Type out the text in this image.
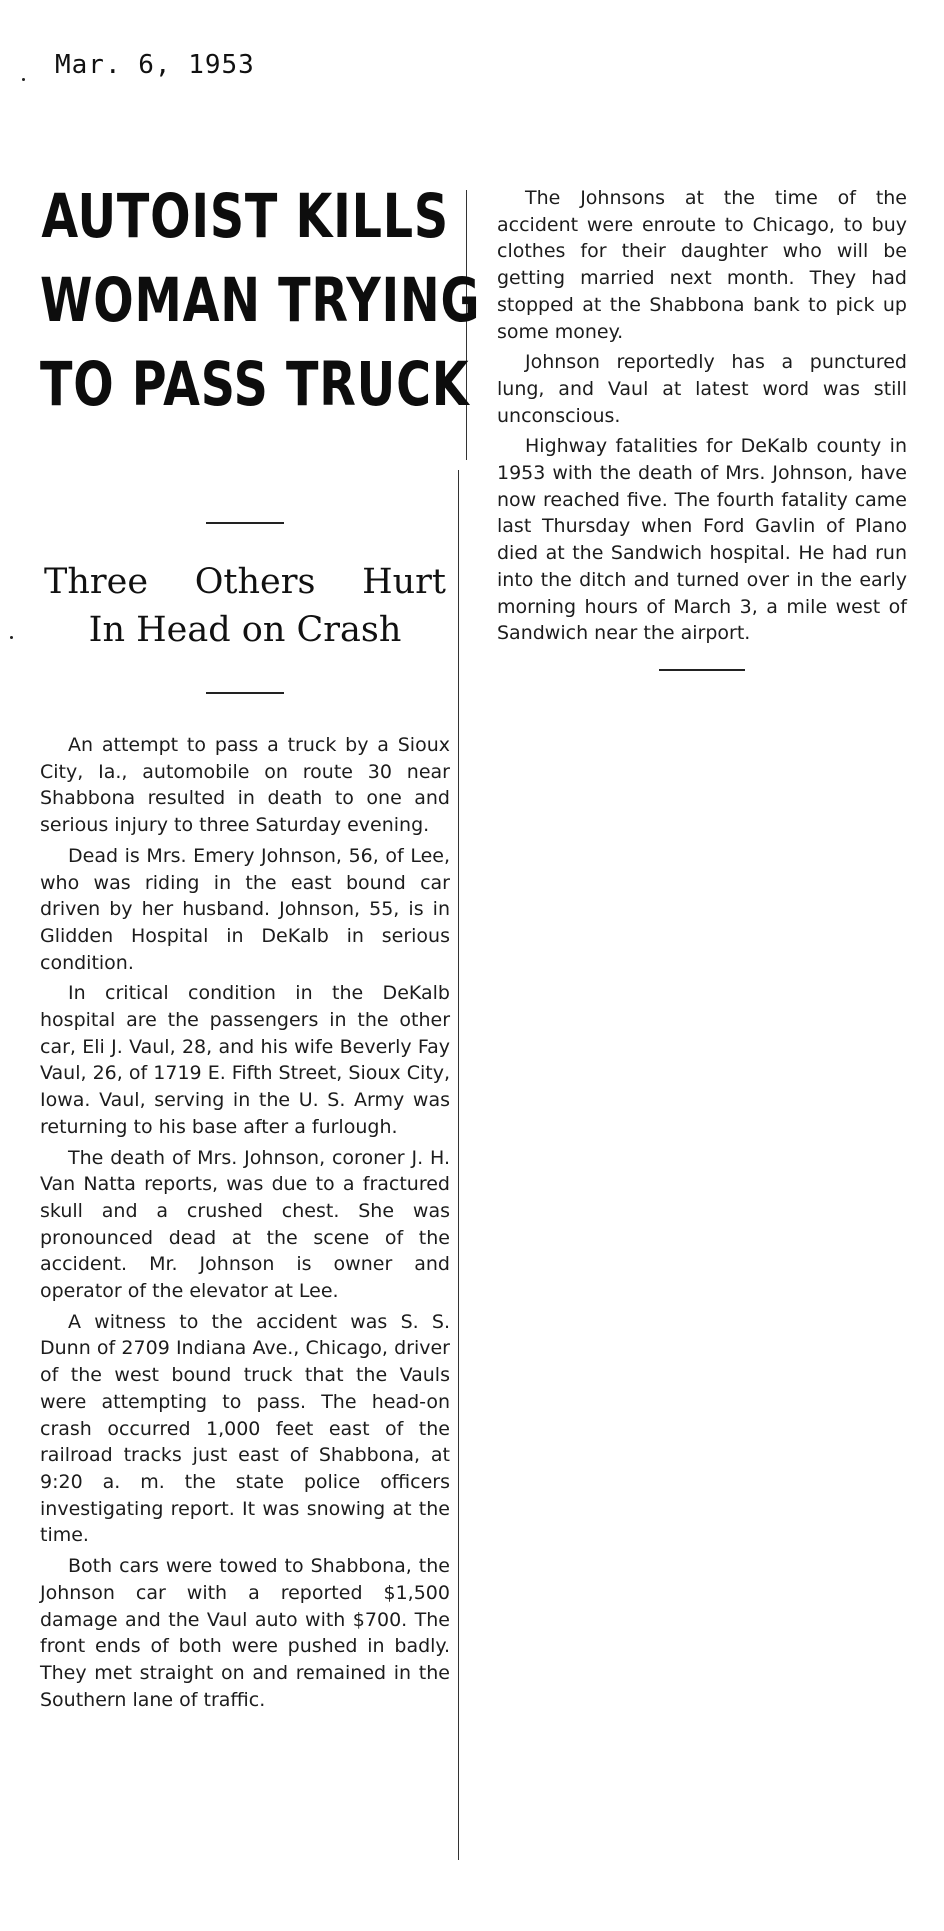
Mar. 6, 1953
AUTOIST KILLS
WOMAN TRYING
TO PASS TRUCK
Three Others Hurt
In Head on Crash

An attempt to pass a truck by a Sioux City, Ia., automobile on route 30 near Shabbona resulted in death to one and serious injury to three Saturday evening.

Dead is Mrs. Emery Johnson, 56, of Lee, who was riding in the east bound car driven by her husband. Johnson, 55, is in Glidden Hospital in DeKalb in serious condition.

In critical condition in the DeKalb hospital are the passengers in the other car, Eli J. Vaul, 28, and his wife Beverly Fay Vaul, 26, of 1719 E. Fifth Street, Sioux City, Iowa. Vaul, serving in the U. S. Army was returning to his base after a furlough.

The death of Mrs. Johnson, coroner J. H. Van Natta reports, was due to a fractured skull and a crushed chest. She was pronounced dead at the scene of the accident. Mr. Johnson is owner and operator of the elevator at Lee.

A witness to the accident was S. S. Dunn of 2709 Indiana Ave., Chicago, driver of the west bound truck that the Vauls were attempting to pass. The head-on crash occurred 1,000 feet east of the railroad tracks just east of Shabbona, at 9:20 a. m. the state police officers investigating report. It was snowing at the time.

Both cars were towed to Shabbona, the Johnson car with a reported $1,500 damage and the Vaul auto with $700. The front ends of both were pushed in badly. They met straight on and remained in the Southern lane of traffic.

The Johnsons at the time of the accident were enroute to Chicago, to buy clothes for their daughter who will be getting married next month. They had stopped at the Shabbona bank to pick up some money.

Johnson reportedly has a punctured lung, and Vaul at latest word was still unconscious.

Highway fatalities for DeKalb county in 1953 with the death of Mrs. Johnson, have now reached five. The fourth fatality came last Thursday when Ford Gavlin of Plano died at the Sandwich hospital. He had run into the ditch and turned over in the early morning hours of March 3, a mile west of Sandwich near the airport.
